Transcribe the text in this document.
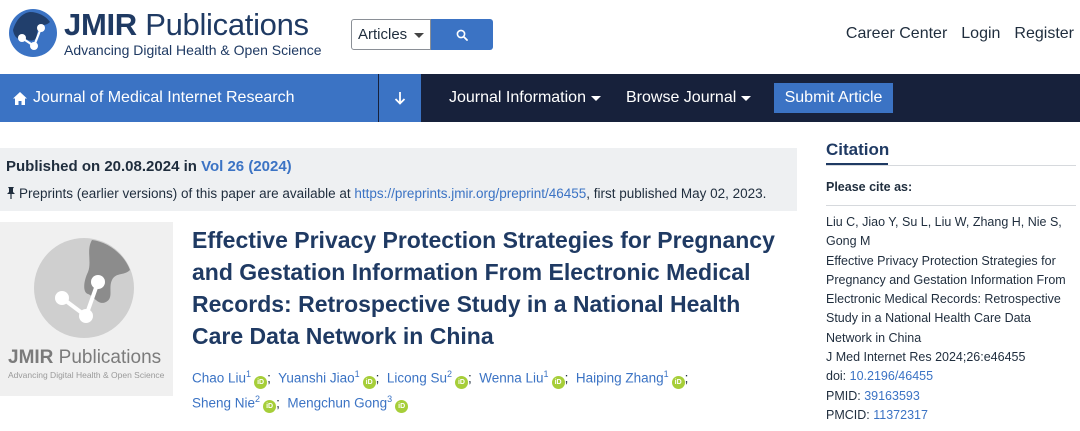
JMIR Publications
Advancing Digital Health & Open Science
Articles	Career Center Login Register
Journal of Medical Internet Research	Journal Information	Browse Journal	Submit Article
Published on 20.08.2024 in Vol 26 (2024)
Preprints (earlier versions) of this paper are available at https://preprints.jmir.org/preprint/46455, first published May 02, 2023.
JMIR Publications
Advancing Digital Health & Open Science
Effective Privacy Protection Strategies for Pregnancy and Gestation Information From Electronic Medical Records: Retrospective Study in a National Health Care Data Network in China
Chao Liu$^1$iD ;  Yuanshi Jiao$^1$iD ;  Licong Su$^2$iD ;  Wenna Liu$^1$iD ;  Haiping Zhang$^1$iD ;
Sheng Nie$^2$iD ;  Mengchun Gong$^3$iD
Citation
Please cite as:
Liu C, Jiao Y, Su L, Liu W, Zhang H, Nie S, Gong M
Effective Privacy Protection Strategies for Pregnancy and Gestation Information From Electronic Medical Records: Retrospective Study in a National Health Care Data Network in China
J Med Internet Res 2024;26:e46455
doi: 10.2196/46455
PMID: 39163593
PMCID: 11372317
